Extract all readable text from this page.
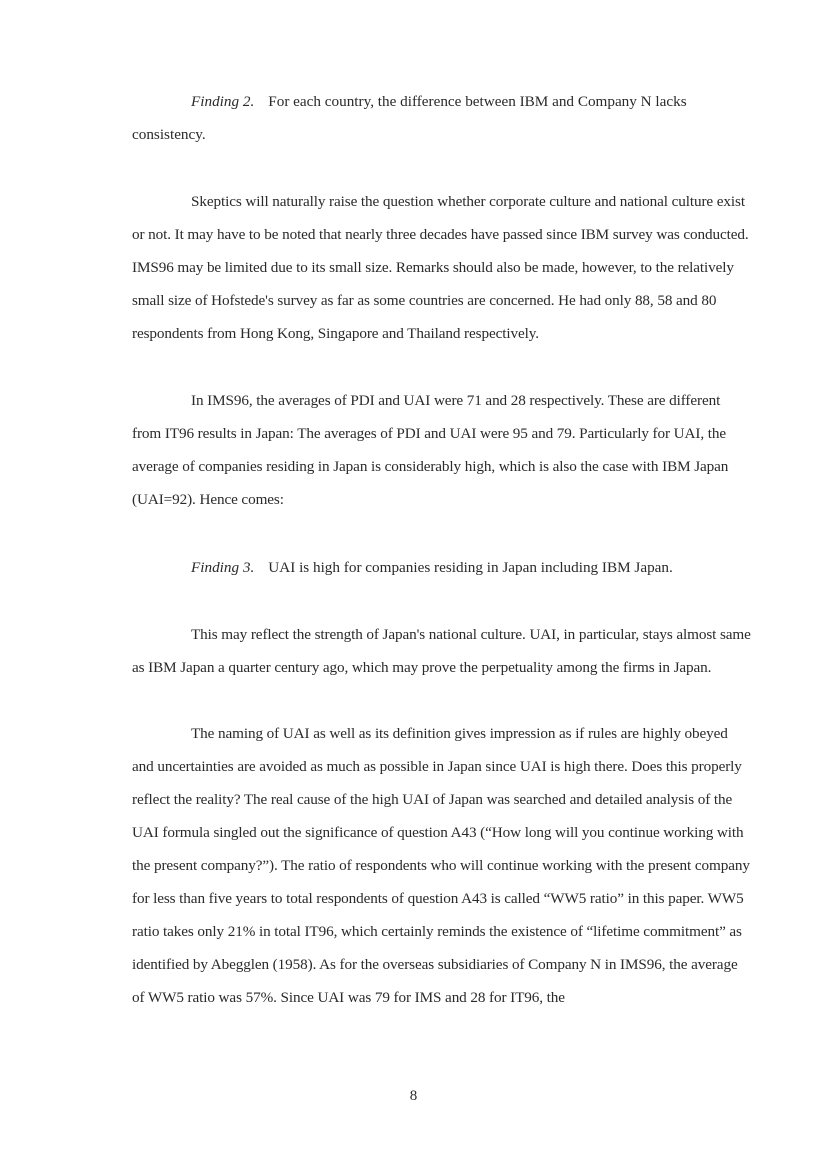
Finding 2. For each country, the difference between IBM and Company N lacks consistency.

Skeptics will naturally raise the question whether corporate culture and national culture exist or not. It may have to be noted that nearly three decades have passed since IBM survey was conducted. IMS96 may be limited due to its small size. Remarks should also be made, however, to the relatively small size of Hofstede's survey as far as some countries are concerned. He had only 88, 58 and 80 respondents from Hong Kong, Singapore and Thailand respectively.

In IMS96, the averages of PDI and UAI were 71 and 28 respectively. These are different from IT96 results in Japan: The averages of PDI and UAI were 95 and 79. Particularly for UAI, the average of companies residing in Japan is considerably high, which is also the case with IBM Japan (UAI=92). Hence comes:

Finding 3. UAI is high for companies residing in Japan including IBM Japan.

This may reflect the strength of Japan's national culture. UAI, in particular, stays almost same as IBM Japan a quarter century ago, which may prove the perpetuality among the firms in Japan.

The naming of UAI as well as its definition gives impression as if rules are highly obeyed and uncertainties are avoided as much as possible in Japan since UAI is high there. Does this properly reflect the reality? The real cause of the high UAI of Japan was searched and detailed analysis of the UAI formula singled out the significance of question A43 (“How long will you continue working with the present company?”). The ratio of respondents who will continue working with the present company for less than five years to total respondents of question A43 is called “WW5 ratio” in this paper. WW5 ratio takes only 21% in total IT96, which certainly reminds the existence of “lifetime commitment” as identified by Abegglen (1958). As for the overseas subsidiaries of Company N in IMS96, the average of WW5 ratio was 57%. Since UAI was 79 for IMS and 28 for IT96, the

8
